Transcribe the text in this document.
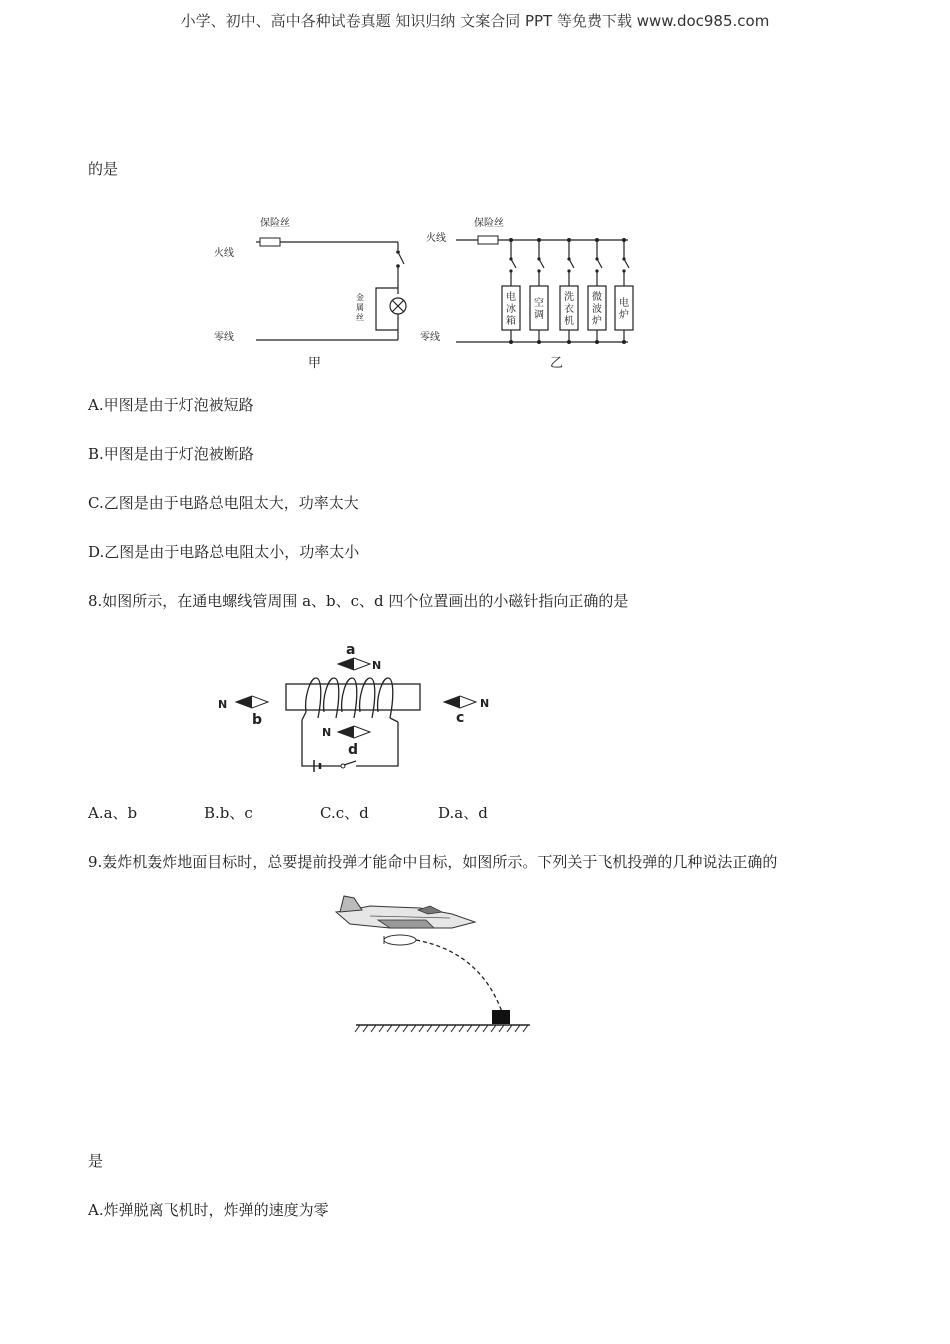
小学、初中、高中各种试卷真题 知识归纳 文案合同 PPT 等免费下载 www.doc985.com
的是
保险丝
火线
零线
金 属 丝
甲
保险丝
火线
零线
电冰箱
空调
洗衣机
微波炉
电炉
乙
A.甲图是由于灯泡被短路
B.甲图是由于灯泡被断路
C.乙图是由于电路总电阻太大，功率太大
D.乙图是由于电路总电阻太小，功率太小
8.如图所示，在通电螺线管周围 a、b、c、d 四个位置画出的小磁针指向正确的是
a
N
N
b
N
c
N
d
A.a、b	B.b、c	C.c、d	D.a、d
9.轰炸机轰炸地面目标时，总要提前投弹才能命中目标，如图所示。下列关于飞机投弹的几种说法正确的
是
A.炸弹脱离飞机时，炸弹的速度为零
